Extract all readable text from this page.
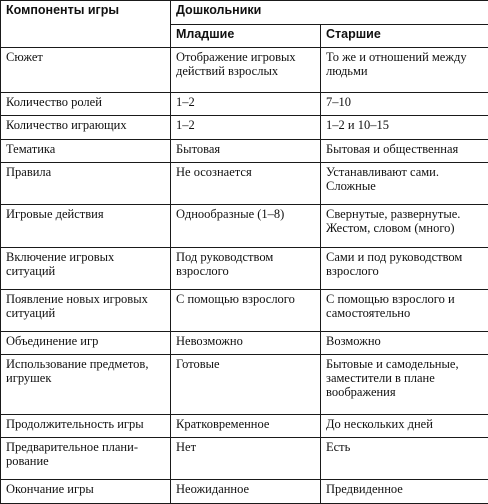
Компоненты игры	Дошкольники	
	Младшие	Старшие
Сюжет	Отображение игровых действий взрослых	То же и отношений между людьми
Количество ролей	1–2	7–10
Количество играющих	1–2	1–2 и 10–15
Тематика	Бытовая	Бытовая и общественная
Правила	Не осознается	Устанавливают сами. Сложные
Игровые действия	Однообразные (1–8)	Свернутые, развернутые. Жестом, словом (много)
Включение игровых ситуаций	Под руководством взрослого	Сами и под руководством взрослого
Появление новых игровых ситуаций	С помощью взрослого	С помощью взрослого и самостоятельно
Объединение игр	Невозможно	Возможно
Использование предметов, игрушек	Готовые	Бытовые и самодельные, заместители в плане воображения
Продолжительность игры	Кратковременное	До нескольких дней
Предварительное планирование	Нет	Есть
Окончание игры	Неожиданное	Предвиденное
